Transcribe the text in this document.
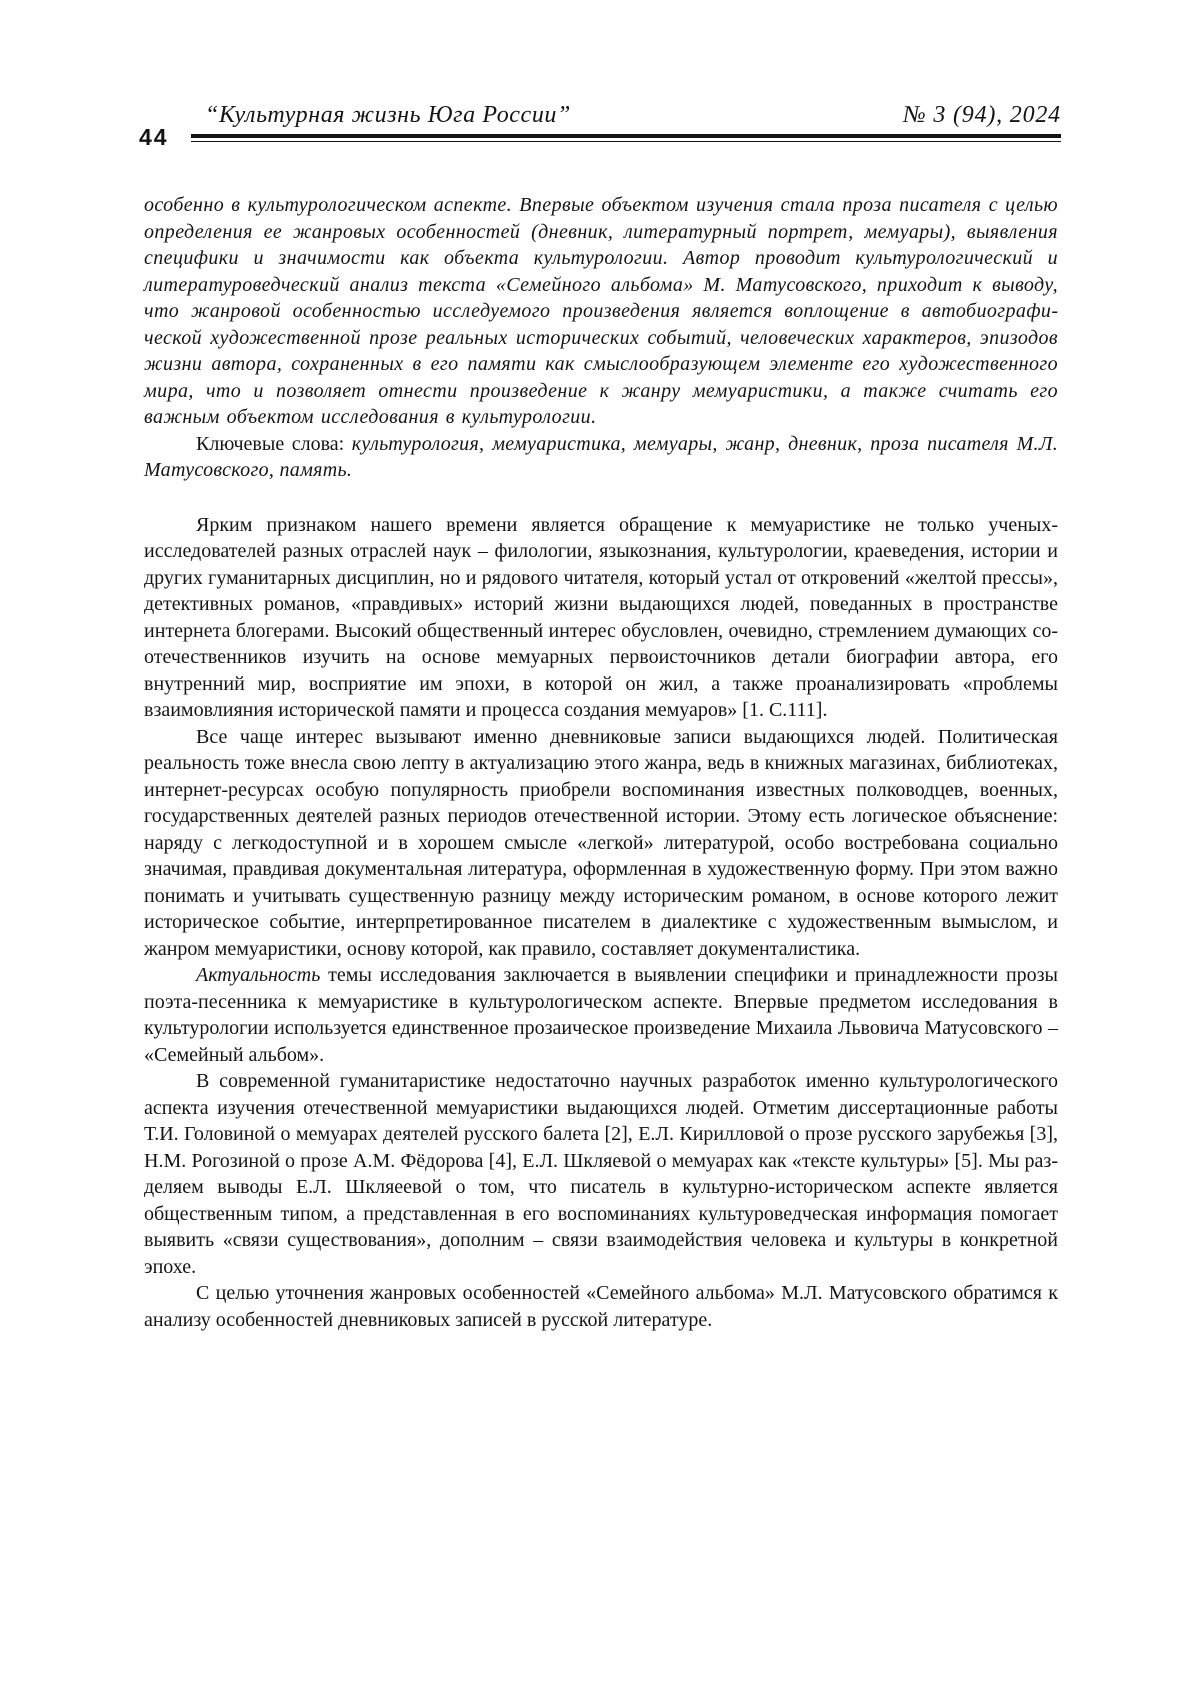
44
“Культурная жизнь Юга России”	№ 3 (94), 2024

особенно в культурологическом аспекте. Впервые объектом изучения стала проза писателя с целью определения ее жанровых особенностей (дневник, литератур­ный портрет, мемуары), выявления специфики и значимости как объекта культу­рологии. Автор проводит культурологический и литературоведческий анализ тек­ста «Семейного альбома» М. Матусовского, приходит к выводу, что жанровой особенностью исследуемого произведения является воплощение в автобиографи­ческой художественной прозе реальных исторических событий, человеческих характеров, эпизодов жизни автора, сохраненных в его памяти как смыслообра­зующем элементе его художественного мира, что и позволяет отнести произве­дение к жанру мемуаристики, а также считать его важным объектом исследо­вания в культурологии.

Ключевые слова: культурология, мемуаристика, мемуары, жанр, дневник, проза писателя М.Л. Матусовского, память.

Ярким признаком нашего времени является обращение к мемуаристике не только ученых-исследователей разных отраслей наук – филологии, языкознания, культурологии, краеведения, истории и других гуманитарных дисциплин, но и рядового читателя, ко­торый устал от откровений «желтой прессы», детективных романов, «правдивых» ис­торий жизни выдающихся людей, поведанных в пространстве интернета блогерами. Высокий общественный интерес обусловлен, очевидно, стремлением думающих со­отечественников изучить на основе мемуарных первоисточников детали биографии автора, его внутренний мир, восприятие им эпохи, в которой он жил, а также проана­лизировать «проблемы взаимовлияния исторической памяти и процесса создания мему­аров» [1. С.111].

Все чаще интерес вызывают именно дневниковые записи выдающихся людей. Политическая реальность тоже внесла свою лепту в актуализацию этого жанра, ведь в книжных магазинах, библиотеках, интернет-ресурсах особую популярность приобрели воспоминания известных полководцев, военных, государственных деятелей разных пе­риодов отечественной истории. Этому есть логическое объяснение: наряду с легкодо­ступной и в хорошем смысле «легкой» литературой, особо востребована социально значимая, правдивая документальная литература, оформленная в художественную фор­му. При этом важно понимать и учитывать существенную разницу между историче­ским романом, в основе которого лежит историческое событие, интерпретированное писателем в диалектике с художественным вымыслом, и жанром мемуаристики, осно­ву которой, как правило, составляет документалистика.

Актуальность темы исследования заключается в выявлении специфики и принад­лежности прозы поэта-песенника к мемуаристике в культурологическом аспекте. Впер­вые предметом исследования в культурологии используется единственное прозаическое произведение Михаила Львовича Матусовского – «Семейный альбом».

В современной гуманитаристике недостаточно научных разработок именно культу­рологического аспекта изучения отечественной мемуаристики выдающихся людей. Отметим диссертационные работы Т.И. Головиной о мемуарах деятелей русского балета [2], Е.Л. Кирилловой о прозе русского зарубежья [3], Н.М. Рогозиной о прозе А.М. Фёдорова [4], Е.Л. Шкляевой о мемуарах как «тексте культуры» [5]. Мы раз­деляем выводы Е.Л. Шкляеевой о том, что писатель в культурно-историческом аспек­те является общественным типом, а представленная в его воспоминаниях культуровед­ческая информация помогает выявить «связи существования», дополним – связи взаимодействия человека и культуры в конкретной эпохе.

С целью уточнения жанровых особенностей «Семейного альбома» М.Л. Мату­совского обратимся к анализу особенностей дневниковых записей в русской литера­туре.
